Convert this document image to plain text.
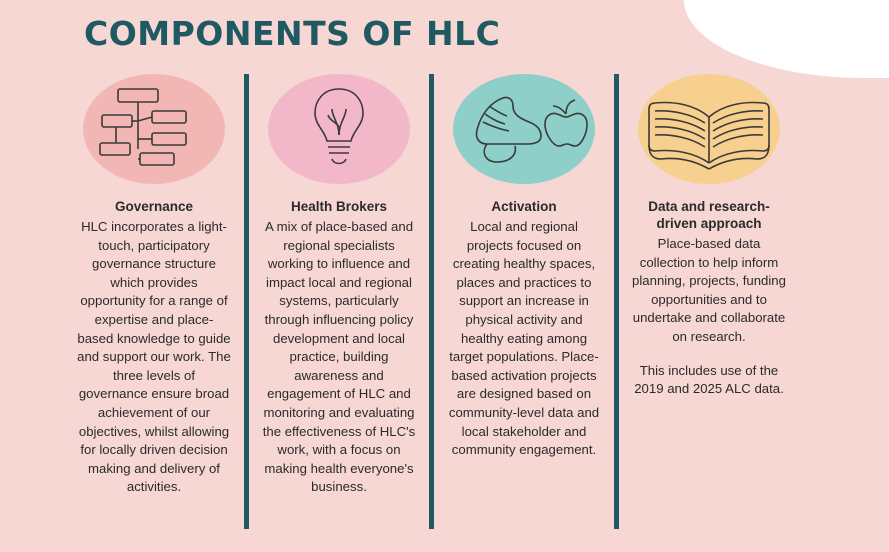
COMPONENTS OF HLC
Governance

HLC incorporates a light-touch, participatory governance structure which provides opportunity for a range of expertise and place-based knowledge to guide and support our work. The three levels of governance ensure broad achievement of our objectives, whilst allowing for locally driven decision making and delivery of activities.

Health Brokers

A mix of place-based and regional specialists working to influence and impact local and regional systems, particularly through influencing policy development and local practice, building awareness and engagement of HLC and monitoring and evaluating the effectiveness of HLC's work, with a focus on making health everyone's business.

Activation

Local and regional projects focused on creating healthy spaces, places and practices to support an increase in physical activity and healthy eating among target populations. Place-based activation projects are designed based on community-level data and local stakeholder and community engagement.

Data and research-driven approach

Place-based data collection to help inform planning, projects, funding opportunities and to undertake and collaborate on research.

This includes use of the 2019 and 2025 ALC data.
